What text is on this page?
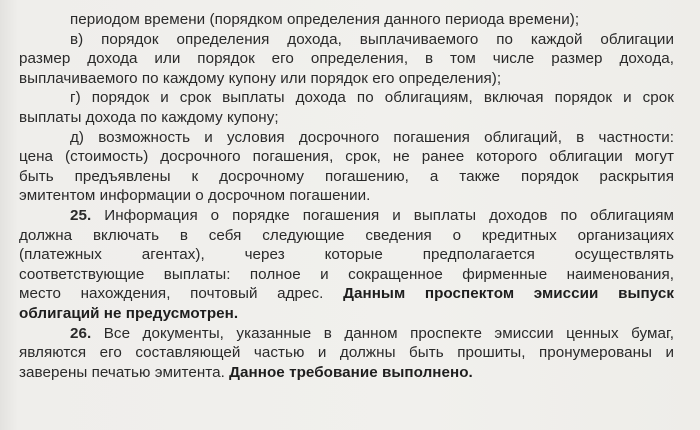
периодом времени (порядком определения данного периода времени);
в) порядок определения дохода, выплачиваемого по каждой облигации
размер дохода или порядок его определения, в том числе размер дохода,
выплачиваемого по каждому купону или порядок его определения);
г) порядок и срок выплаты дохода по облигациям, включая порядок и срок
выплаты дохода по каждому купону;
д) возможность и условия досрочного погашения облигаций, в частности:
цена (стоимость) досрочного погашения, срок, не ранее которого облигации могут
быть предъявлены к досрочному погашению, а также порядок раскрытия
эмитентом информации о досрочном погашении.
25. Информация о порядке погашения и выплаты доходов по облигациям
должна включать в себя следующие сведения о кредитных организациях
(платежных агентах), через которые предполагается осуществлять
соответствующие выплаты: полное и сокращенное фирменные наименования,
место нахождения, почтовый адрес. Данным проспектом эмиссии выпуск
облигаций не предусмотрен.
26. Все документы, указанные в данном проспекте эмиссии ценных бумаг,
являются его составляющей частью и должны быть прошиты, пронумерованы и
заверены печатью эмитента. Данное требование выполнено.
